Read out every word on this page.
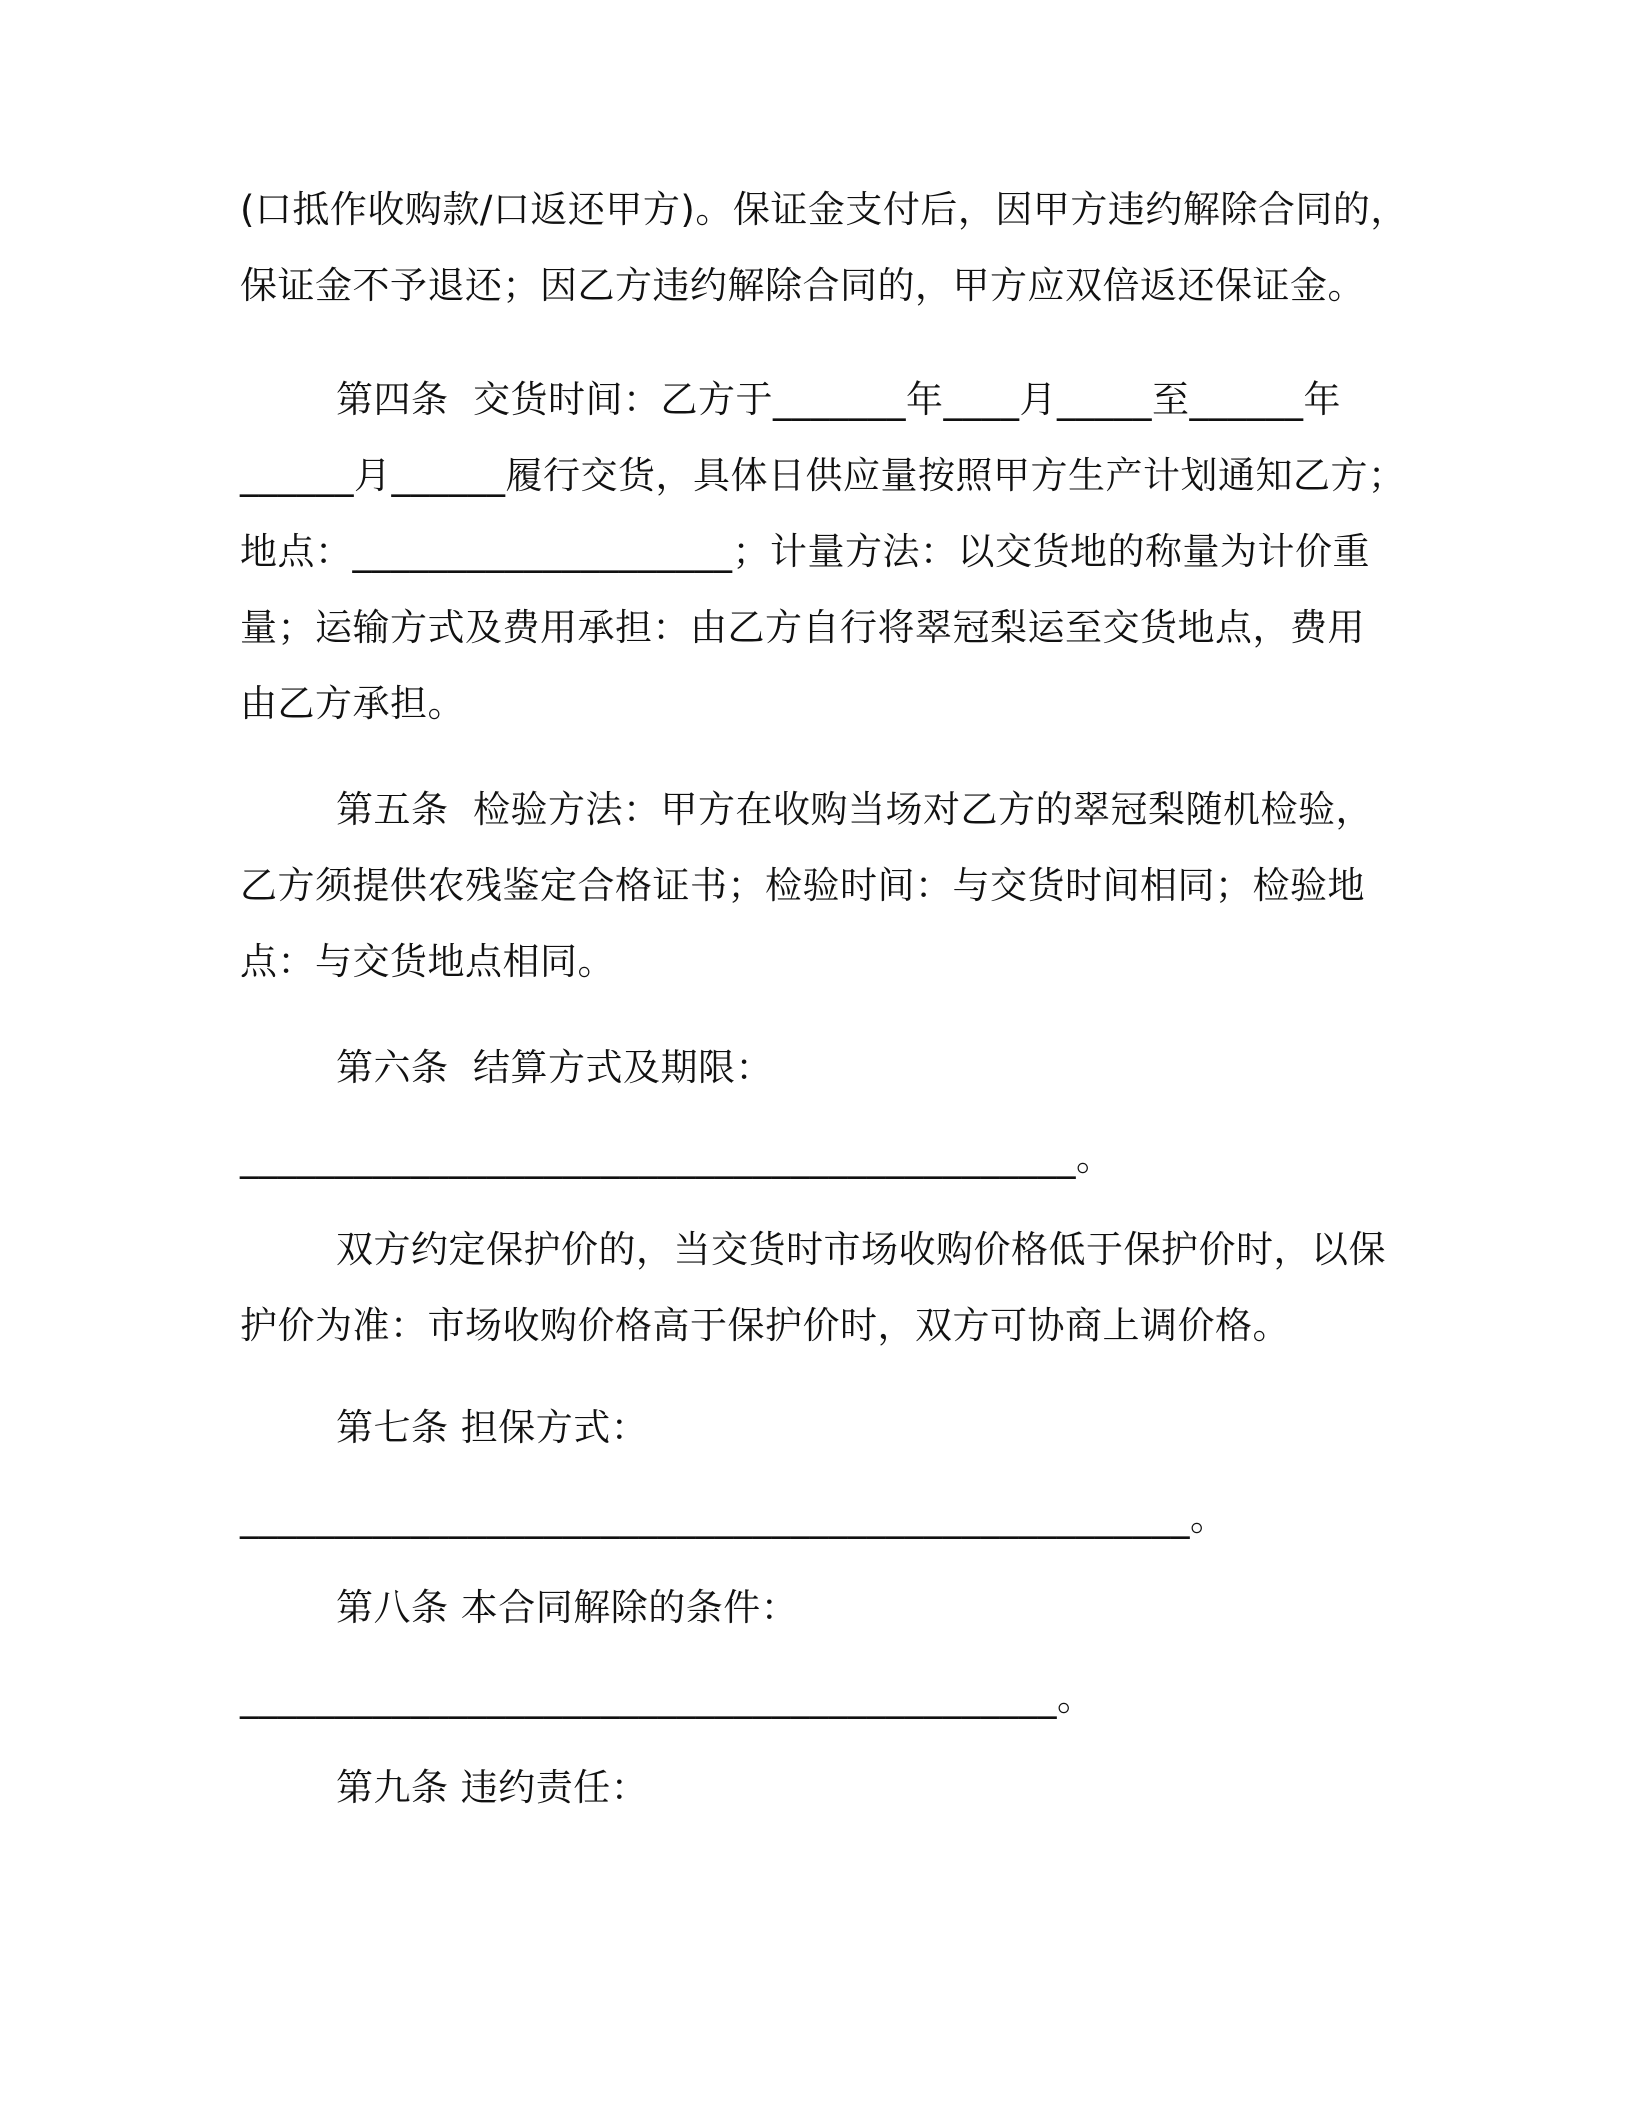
(口抵作收购款/口返还甲方)。保证金支付后，因甲方违约解除合同的，
保证金不予退还；因乙方违约解除合同的，甲方应双倍返还保证金。
第四条  交货时间：乙方于_______年____月_____至______年
______月______履行交货，具体日供应量按照甲方生产计划通知乙方；
地点：____________________；计量方法：以交货地的称量为计价重
量；运输方式及费用承担：由乙方自行将翠冠梨运至交货地点，费用
由乙方承担。
第五条  检验方法：甲方在收购当场对乙方的翠冠梨随机检验，
乙方须提供农残鉴定合格证书；检验时间：与交货时间相同；检验地
点：与交货地点相同。
第六条  结算方式及期限：
____________________________________________。
双方约定保护价的，当交货时市场收购价格低于保护价时，以保
护价为准：市场收购价格高于保护价时，双方可协商上调价格。
第七条 担保方式：
__________________________________________________。
第八条 本合同解除的条件：
___________________________________________。
第九条 违约责任：
